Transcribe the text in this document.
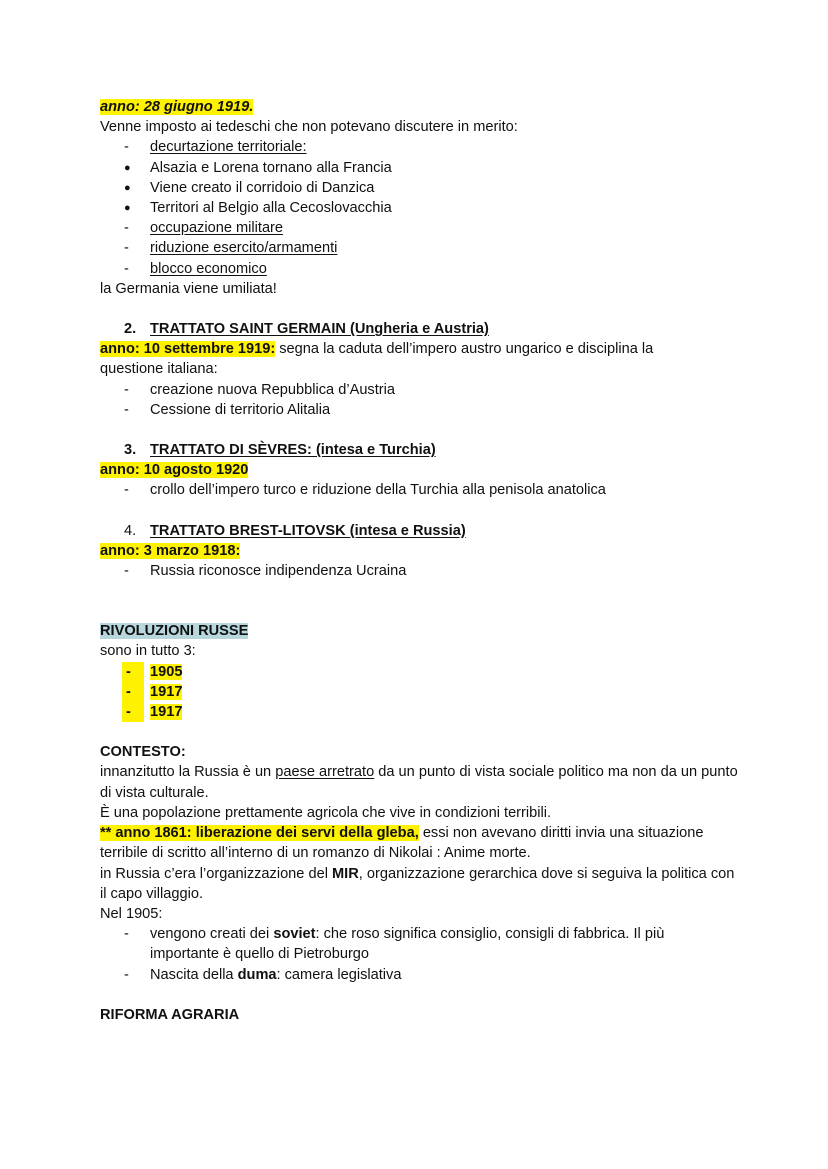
anno: 28 giugno 1919.
Venne imposto ai tedeschi che non potevano discutere in merito:
-	decurtazione territoriale:
●	Alsazia e Lorena tornano alla Francia
●	Viene creato il corridoio di Danzica
●	Territori al Belgio alla Cecoslovacchia
-	occupazione militare
-	riduzione esercito/armamenti
-	blocco economico
la Germania viene umiliata!
2. TRATTATO SAINT GERMAIN (Ungheria e Austria)
anno: 10 settembre 1919: segna la caduta dell’impero austro ungarico e disciplina la
questione italiana:
-	creazione nuova Repubblica d’Austria
-	Cessione di territorio Alitalia
3. TRATTATO DI SÈVRES: (intesa e Turchia)
anno: 10 agosto 1920
-	crollo dell’impero turco e riduzione della Turchia alla penisola anatolica
4. TRATTATO BREST-LITOVSK (intesa e Russia)
anno: 3 marzo 1918:
-	Russia riconosce indipendenza Ucraina
RIVOLUZIONI RUSSE
sono in tutto 3:
-	1905
-	1917
-	1917
CONTESTO:
innanzitutto la Russia è un paese arretrato da un punto di vista sociale politico ma non da un punto di vista culturale.
È una popolazione prettamente agricola che vive in condizioni terribili.
** anno 1861: liberazione dei servi della gleba, essi non avevano diritti invia una situazione terribile di scritto all’interno di un romanzo di Nikolai : Anime morte.
in Russia c’era l’organizzazione del MIR, organizzazione gerarchica dove si seguiva la politica con il capo villaggio.
Nel 1905:
-	vengono creati dei soviet: che roso significa consiglio, consigli di fabbrica. Il più
importante è quello di Pietroburgo
-	Nascita della duma: camera legislativa
RIFORMA AGRARIA
